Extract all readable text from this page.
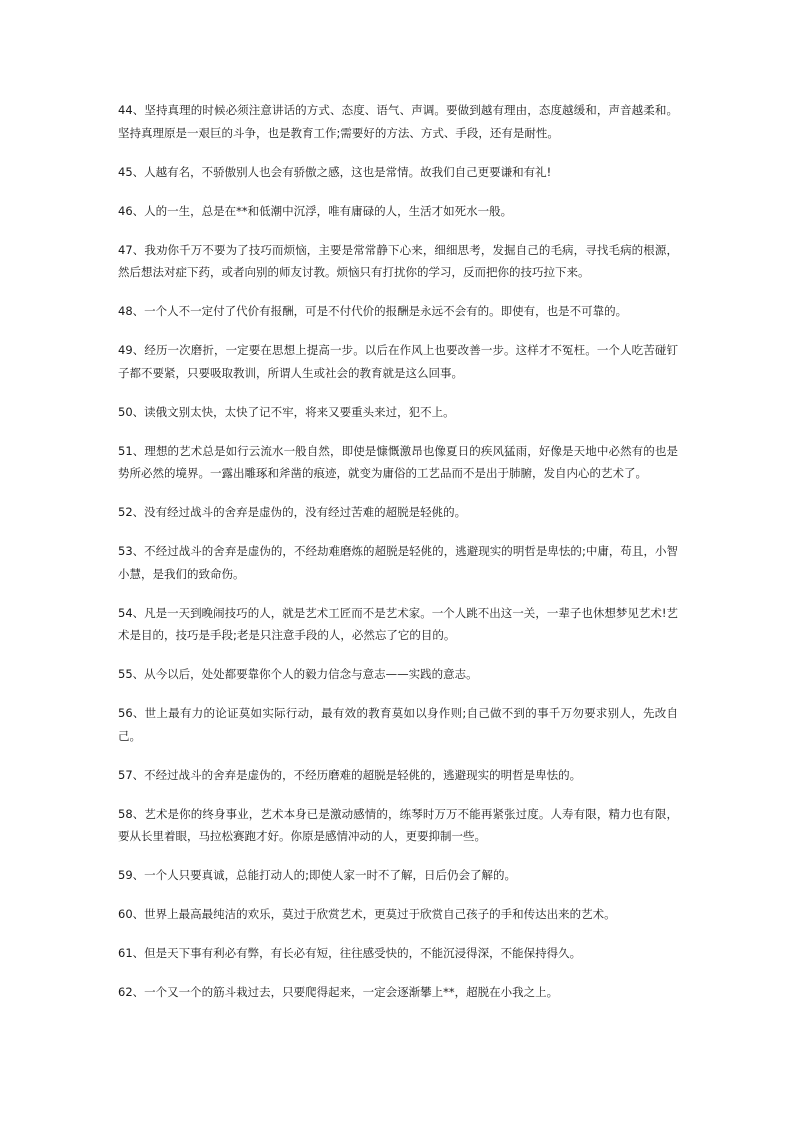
44、坚持真理的时候必须注意讲话的方式、态度、语气、声调。要做到越有理由，态度越缓和，声音越柔和。坚持真理原是一艰巨的斗争，也是教育工作;需要好的方法、方式、手段，还有是耐性。

45、人越有名，不骄傲别人也会有骄傲之感，这也是常情。故我们自己更要谦和有礼!

46、人的一生，总是在**和低潮中沉浮，唯有庸碌的人，生活才如死水一般。

47、我劝你千万不要为了技巧而烦恼，主要是常常静下心来，细细思考，发掘自己的毛病，寻找毛病的根源，然后想法对症下药，或者向别的师友讨教。烦恼只有打扰你的学习，反而把你的技巧拉下来。

48、一个人不一定付了代价有报酬，可是不付代价的报酬是永远不会有的。即使有，也是不可靠的。

49、经历一次磨折，一定要在思想上提高一步。以后在作风上也要改善一步。这样才不冤枉。一个人吃苦碰钉子都不要紧，只要吸取教训，所谓人生或社会的教育就是这么回事。

50、读俄文别太快，太快了记不牢，将来又要重头来过，犯不上。

51、理想的艺术总是如行云流水一般自然，即使是慷慨激昂也像夏日的疾风猛雨，好像是天地中必然有的也是势所必然的境界。一露出雕琢和斧凿的痕迹，就变为庸俗的工艺品而不是出于肺腑，发自内心的艺术了。

52、没有经过战斗的舍弃是虚伪的，没有经过苦难的超脱是轻佻的。

53、不经过战斗的舍弃是虚伪的，不经劫难磨炼的超脱是轻佻的，逃避现实的明哲是卑怯的;中庸，苟且，小智小慧，是我们的致命伤。

54、凡是一天到晚闹技巧的人，就是艺术工匠而不是艺术家。一个人跳不出这一关，一辈子也休想梦见艺术!艺术是目的，技巧是手段;老是只注意手段的人，必然忘了它的目的。

55、从今以后，处处都要靠你个人的毅力信念与意志——实践的意志。

56、世上最有力的论证莫如实际行动，最有效的教育莫如以身作则;自己做不到的事千万勿要求别人，先改自己。

57、不经过战斗的舍弃是虚伪的，不经历磨难的超脱是轻佻的，逃避现实的明哲是卑怯的。

58、艺术是你的终身事业，艺术本身已是激动感情的，练琴时万万不能再紧张过度。人寿有限，精力也有限，要从长里着眼，马拉松赛跑才好。你原是感情冲动的人，更要抑制一些。

59、一个人只要真诚，总能打动人的;即使人家一时不了解，日后仍会了解的。

60、世界上最高最纯洁的欢乐，莫过于欣赏艺术，更莫过于欣赏自己孩子的手和传达出来的艺术。

61、但是天下事有利必有弊，有长必有短，往往感受快的，不能沉浸得深，不能保持得久。

62、一个又一个的筋斗栽过去，只要爬得起来，一定会逐渐攀上**，超脱在小我之上。
